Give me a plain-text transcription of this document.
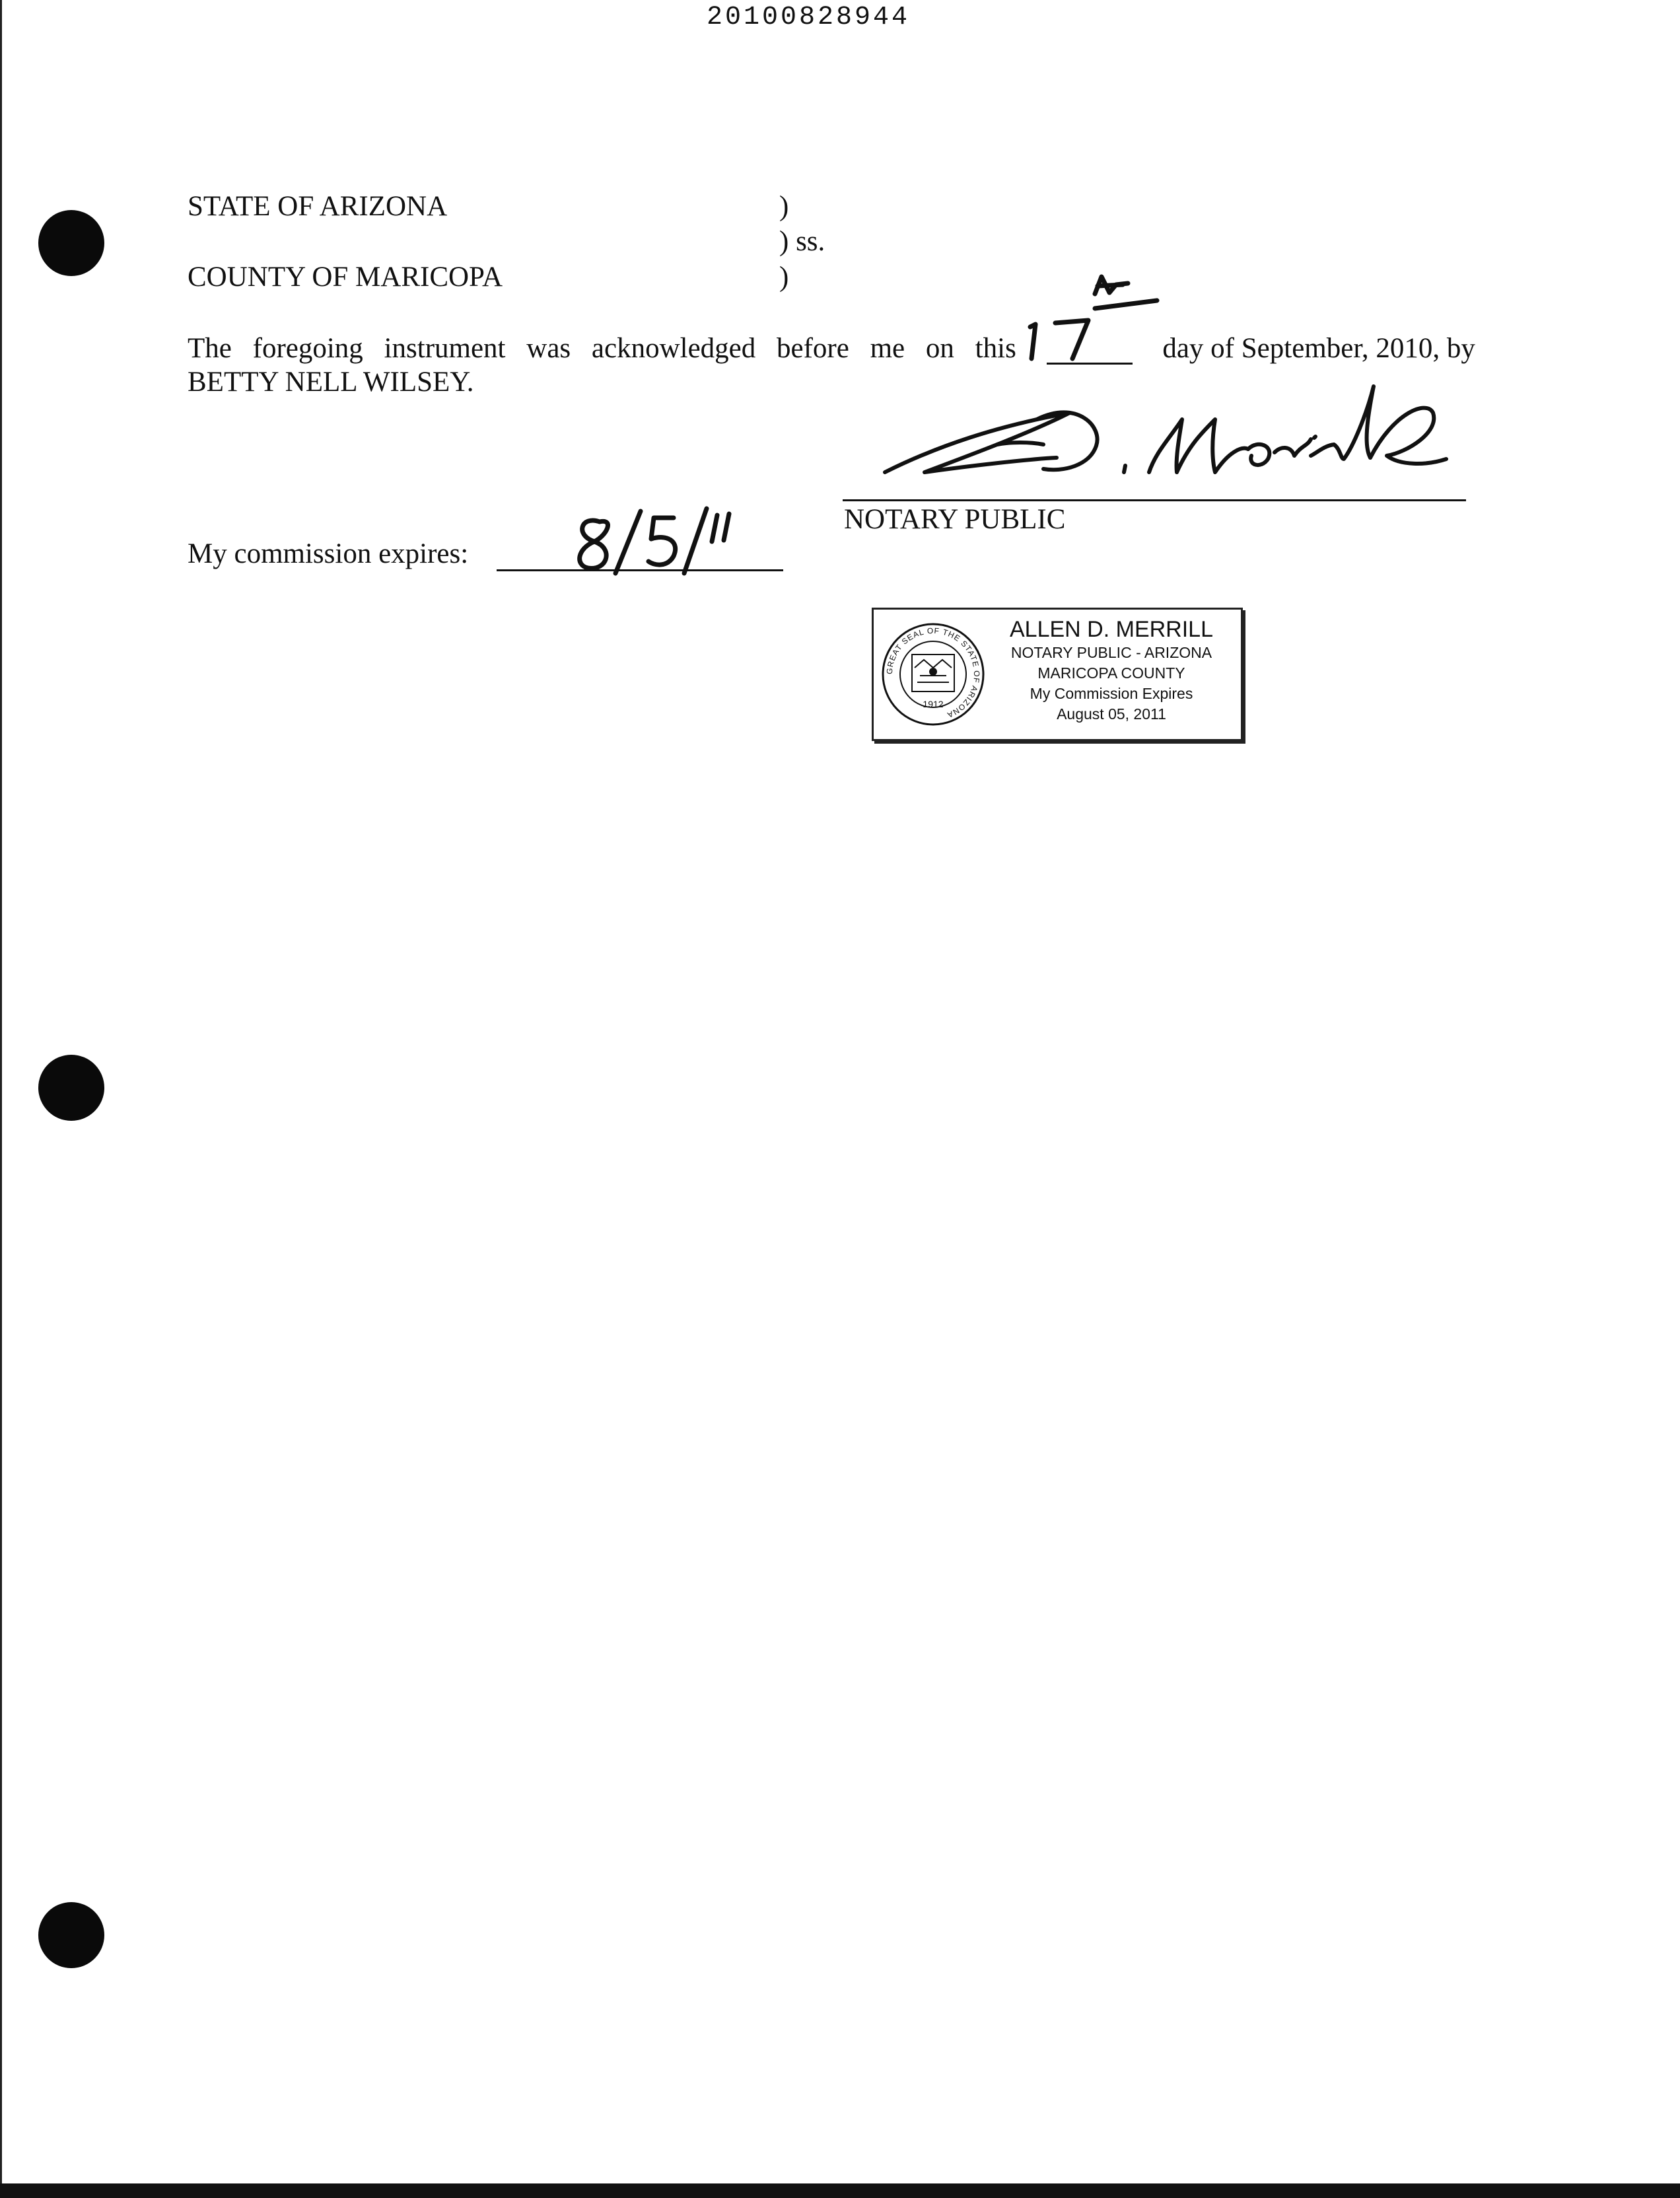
20100828944
STATE OF ARIZONA
COUNTY OF MARICOPA
)
) ss.
)
The foregoing instrument was acknowledged before me on this	day of September, 2010, by
BETTY NELL WILSEY.
NOTARY PUBLIC
My commission expires:
GREAT SEAL OF THE STATE OF ARIZONA
1912
ALLEN D. MERRILL
NOTARY PUBLIC - ARIZONA
MARICOPA COUNTY
My Commission Expires
August 05, 2011
